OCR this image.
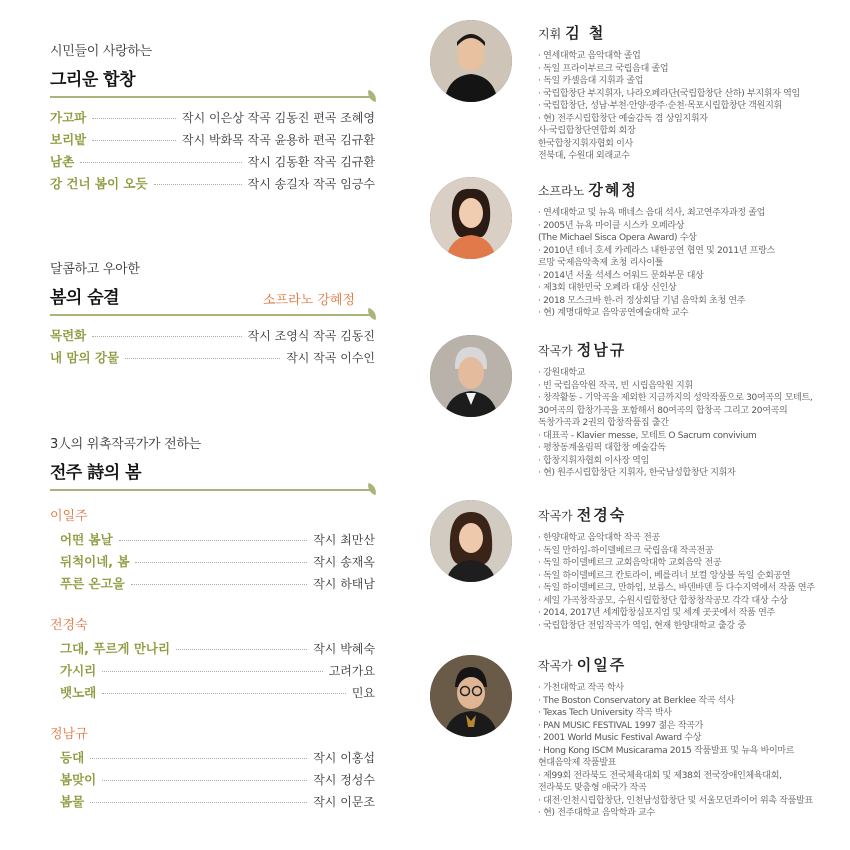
시민들이 사랑하는
그리운 합창
가고파	작시 이은상 작곡 김동진 편곡 조혜영
보리밭	작시 박화목 작곡 윤용하 편곡 김규환
남촌	작시 김동환 작곡 김규환
강 건너 봄이 오듯	작시 송길자 작곡 임긍수
달콤하고 우아한
봄의 숨결	소프라노 강혜정
목련화	작시 조영식 작곡 김동진
내 맘의 강물	작시 작곡 이수인
3人의 위촉작곡가가 전하는
전주 詩의 봄
이일주
어떤 봄날	작시 최만산
뒤척이네, 봄	작시 송재옥
푸른 온고을	작시 하태남
전경숙
그대, 푸르게 만나리	작시 박혜숙
가시리	고려가요
뱃노래	민요
정남규
등대	작시 이홍섭
봄맞이	작시 정성수
봄물	작시 이문조
지휘 김 철
· 연세대학교 음악대학 졸업
· 독일 프라이부르크 국립음대 졸업
· 독일 카셀음대 지휘과 졸업
· 국립합창단 부지휘자, 나라오페라단(국립합창단 산하) 부지휘자 역임
· 국립합창단, 성남·부천·안양·광주·순천·목포시립합창단 객원지휘
· 현) 전주시립합창단 예술감독 겸 상임지휘자
사·국립합창단연합회 회장
한국합창지휘자협회 이사
전북대, 수원대 외래교수
소프라노 강혜정
· 연세대학교 및 뉴욕 매네스 음대 석사, 최고연주자과정 졸업
· 2005년 뉴욕 마이클 시스카 오페라상
(The Michael Sisca Opera Award) 수상
· 2010년 테너 호세 카레라스 내한공연 협연 및 2011년 프랑스
르망 국제음악축제 초청 리사이틀
· 2014년 서울 석세스 어워드 문화부문 대상
· 제3회 대한민국 오페라 대상 신인상
· 2018 모스크바 한-러 정상회담 기념 음악회 초청 연주
· 현) 계명대학교 음악공연예술대학 교수
작곡가 정남규
· 강원대학교
· 빈 국립음악원 작곡, 빈 시립음악원 지휘
· 창작활동 - 기악곡을 제외한 지금까지의 성악작품으로 30여곡의 모테트,
30여곡의 합창가곡을 포함해서 80여곡의 합창곡 그리고 20여곡의
독창가곡과 2권의 합창작품집 출간
· 대표곡 - Klavier messe, 모테트 O Sacrum convivium
· 평창동계올림픽 대합창 예술감독
· 합창지휘자협회 이사장 역임
· 현) 원주시립합창단 지휘자, 한국남성합창단 지휘자
작곡가 전경숙
· 한양대학교 음악대학 작곡 전공
· 독일 만하임-하이델베르크 국립음대 작곡전공
· 독일 하이델베르크 교회음악대학 교회음악 전공
· 독일 하이델베르크 칸토라이, 베를리너 보컬 앙상블 독일 순회공연
· 독일 하이델베르크, 만하임, 보름스, 바덴바덴 등 다수지역에서 작품 연주
· 세일 가곡창작공모, 수원시립합창단 합창창작공모 각각 대상 수상
· 2014, 2017년 세계합창심포지엄 및 세계 곳곳에서 작품 연주
· 국립합창단 전임작곡가 역임, 현재 한양대학교 출강 중
작곡가 이일주
· 가천대학교 작곡 학사
· The Boston Conservatory at Berklee 작곡 석사
· Texas Tech University 작곡 박사
· PAN MUSIC FESTIVAL 1997 젊은 작곡가
· 2001 World Music Festival Award 수상
· Hong Kong ISCM Musicarama 2015 작품발표 및 뉴욕 바이마르
현대음악제 작품발표
· 제99회 전라북도 전국체육대회 및 제38회 전국장애인체육대회,
전라북도 맞춤형 애국가 작곡
· 대전·인천시립합창단, 인천남성합창단 및 서울모던콰이어 위촉 작품발표
· 현) 전주대학교 음악학과 교수
